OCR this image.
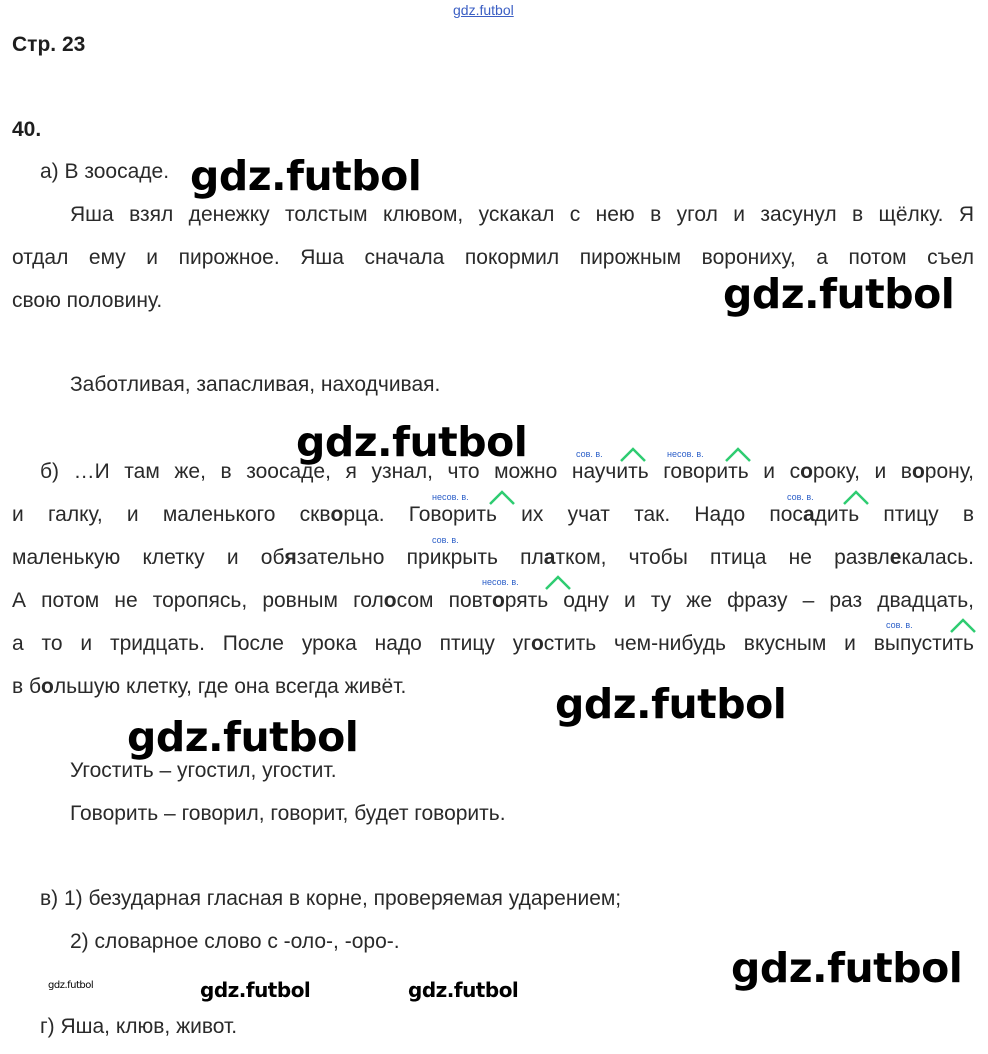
gdz.futbol
Стр. 23
40.
а) В зоосаде.
Яша взял денежку толстым клювом, ускакал с нею в угол и засунул в щёлку. Я
отдал ему и пирожное. Яша сначала покормил пирожным ворониху, а потом съел
свою половину.
Заботливая, запасливая, находчивая.
б) …И там же, в зоосаде, я узнал, что можно научить говорить и сороку, и ворону,
и галку, и маленького скворца. Говорить их учат так. Надо посадить птицу в
маленькую клетку и обязательно прикрыть платком, чтобы птица не развлекалась.
А потом не торопясь, ровным голосом повторять одну и ту же фразу – раз двадцать,
а то и тридцать. После урока надо птицу угостить чем-нибудь вкусным и выпустить
в большую клетку, где она всегда живёт.
сов. в.	несов. в.
несов. в.	сов. в.
сов. в.
несов. в.
сов. в.
Угостить – угостил, угостит.
Говорить – говорил, говорит, будет говорить.
в) 1) безударная гласная в корне, проверяемая ударением;
2) словарное слово с -оло-, -оро-.
г) Яша, клюв, живот.
gdz.futbol
gdz.futbol
gdz.futbol
gdz.futbol
gdz.futbol
gdz.futbol
gdz.futbol	gdz.futbol	gdz.futbol
